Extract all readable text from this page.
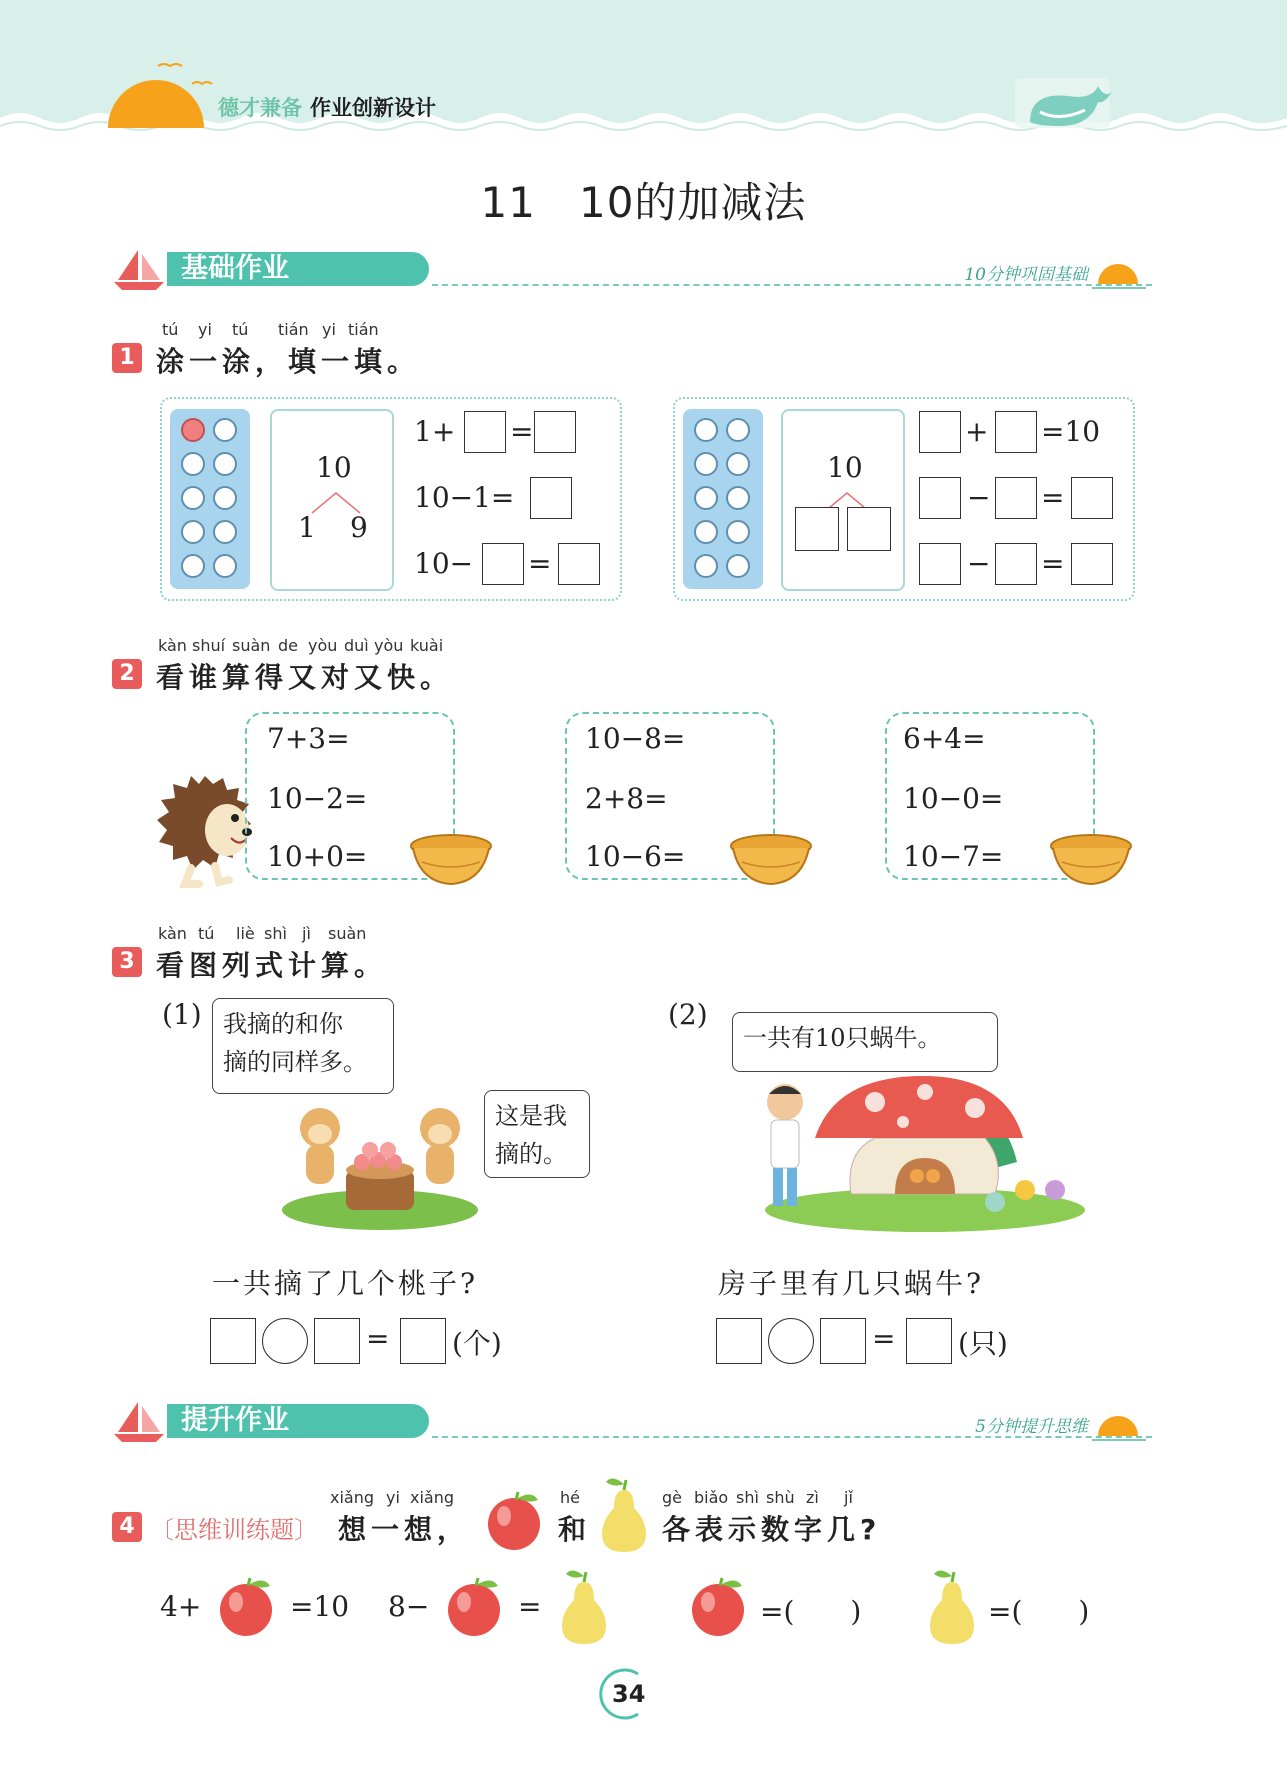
德才兼备 作业创新设计
11　10的加减法
基础作业	10分钟巩固基础
1
tú yi tú tián yi tián
涂一涂，填一填。
10
1 9
1+ =
10−1=
10− =
10
+ =10
− =
− =
2
kàn shuí suàn de yòu duì yòu kuài
看谁算得又对又快。
7+3=
10−2=
10+0=
10−8=
2+8=
10−6=
6+4=
10−0=
10−7=
3
kàn tú liè shì jì suàn
看图列式计算。
(1) 我摘的和你
摘的同样多。
这是我
摘的。
一共摘了几个桃子?
= (个)
(2)
一共有10只蜗牛。
房子里有几只蜗牛?
= (只)
提升作业	5分钟提升思维
4 〔思维训练题〕
xiǎng yi xiǎng
想一想，
hé
和
gè biǎo shì shù zì jǐ
各表示数字几?
4+	=10 8−	=	=(　　)	=(　　)
34
